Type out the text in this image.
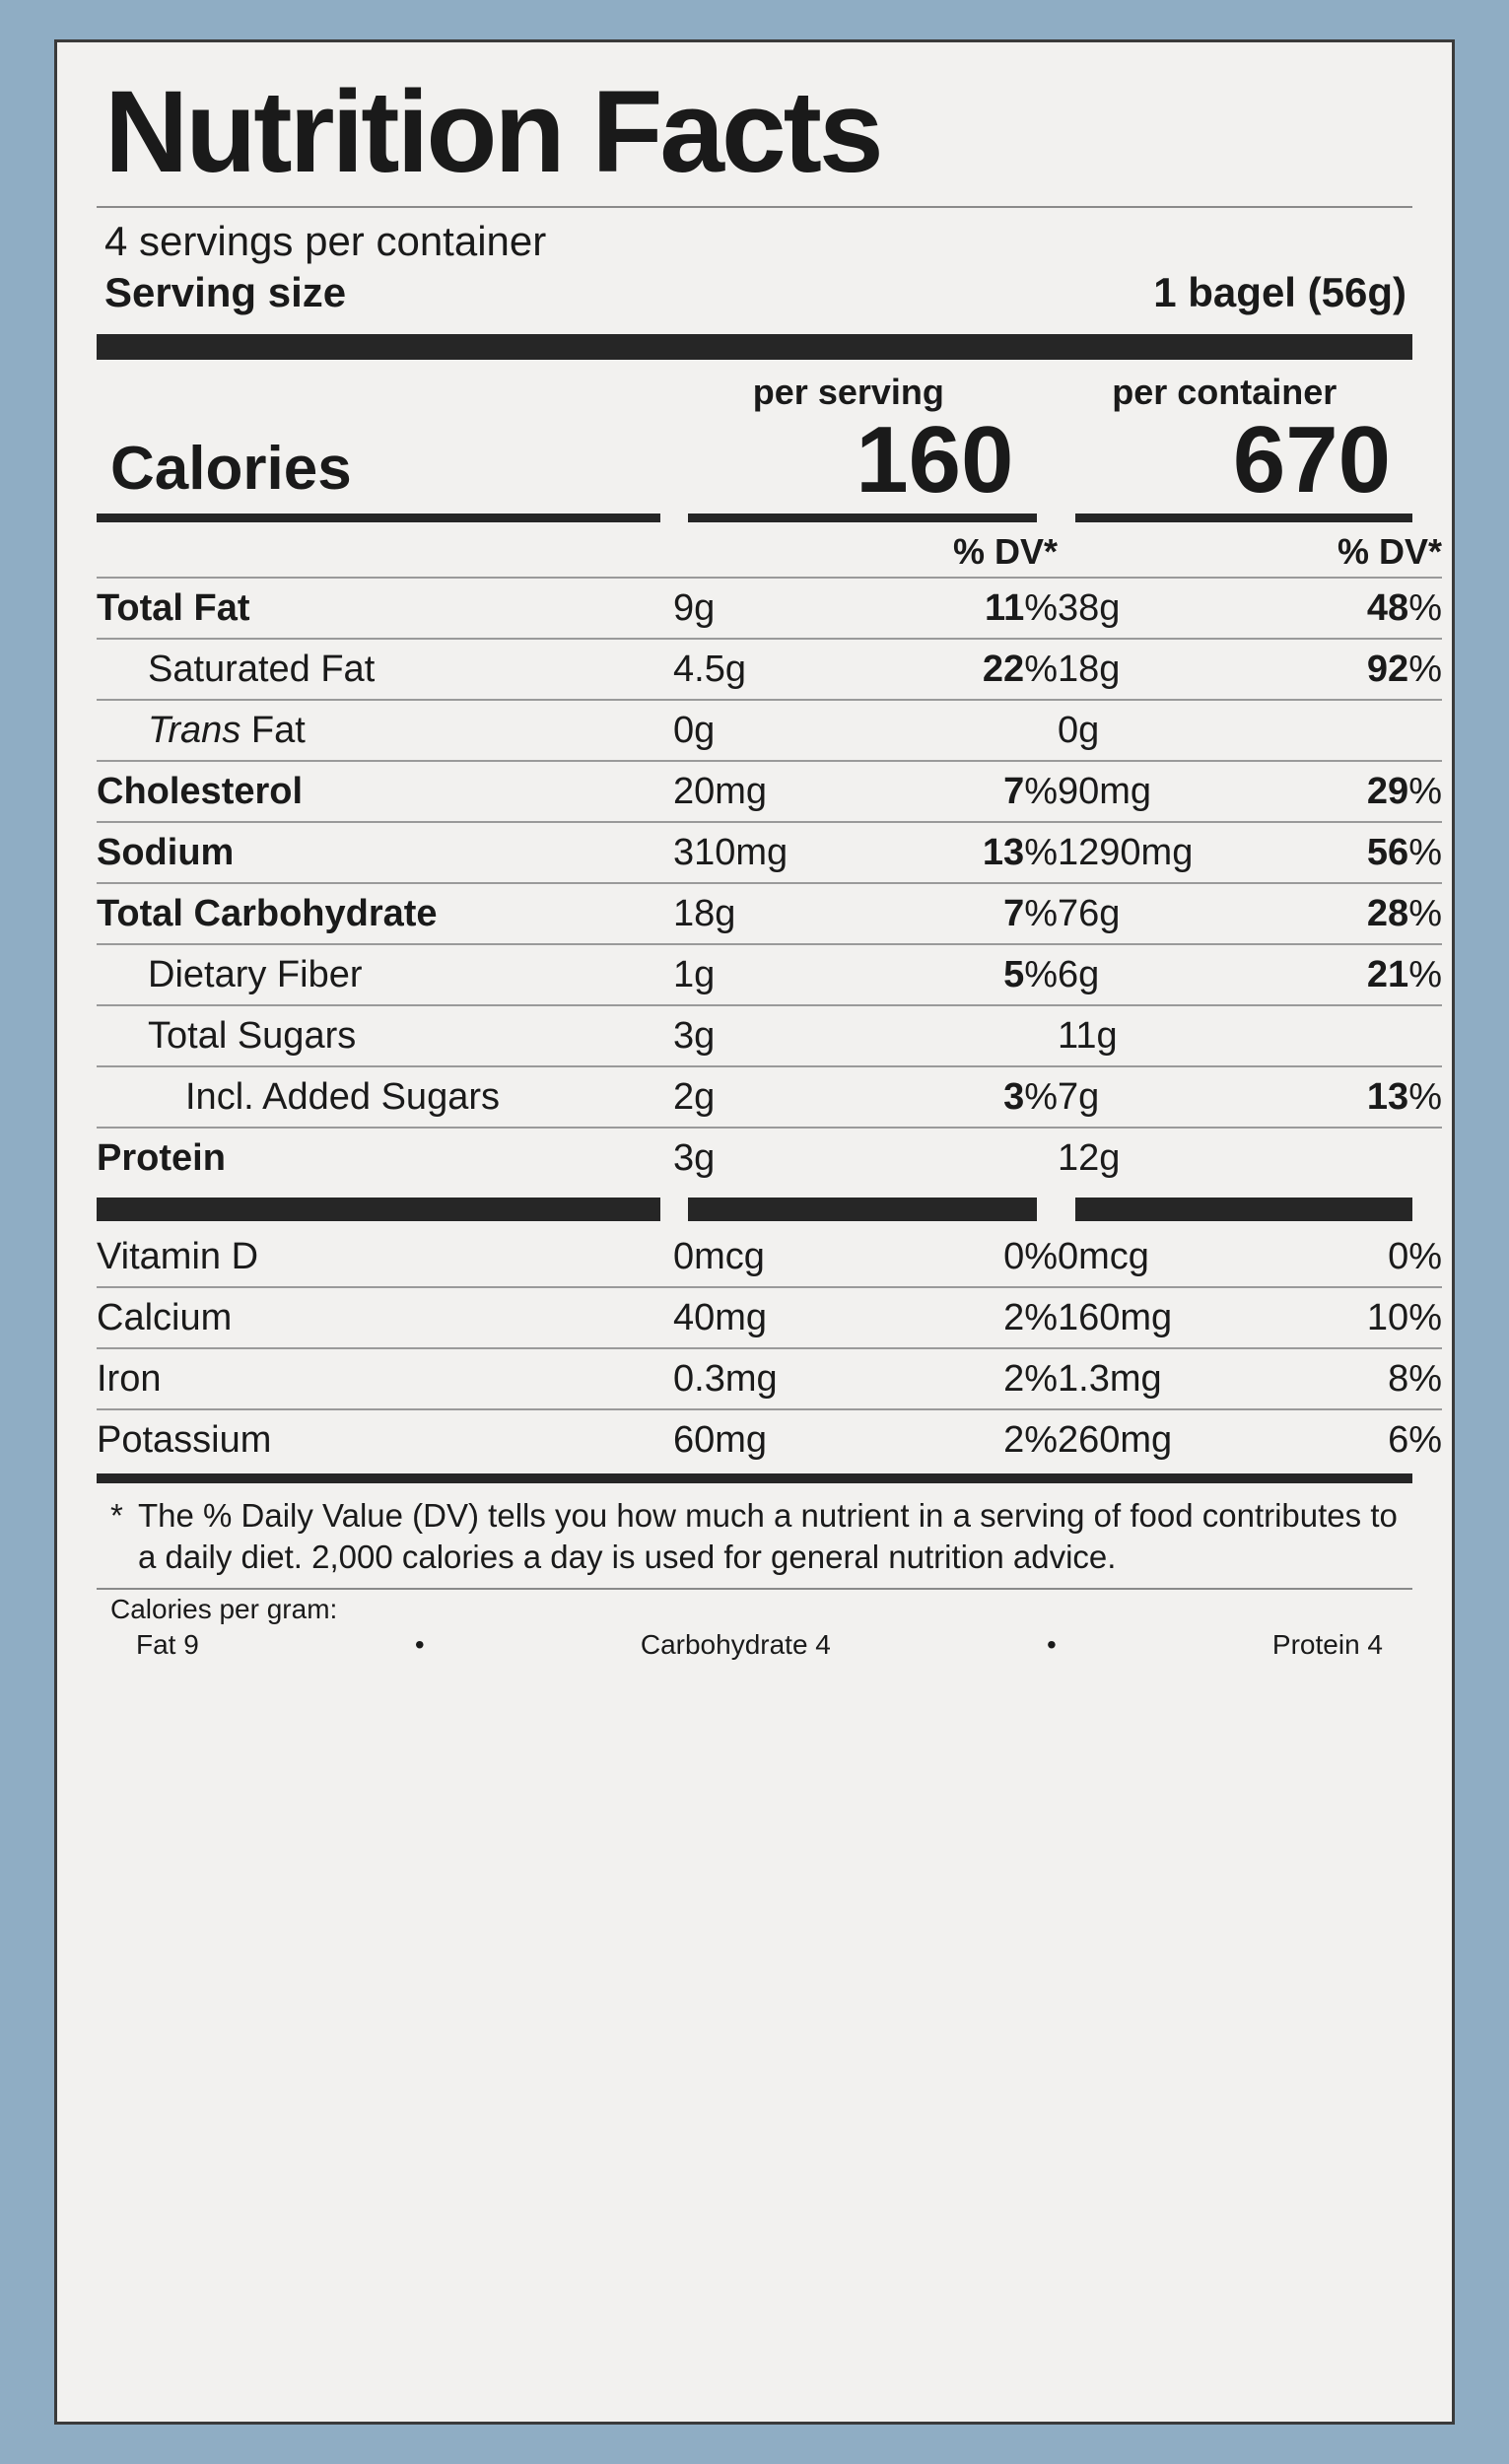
Nutrition Facts
4 servings per container
Serving size	1 bagel (56g)
per serving	per container
Calories	160	670
		% DV*		% DV*
Total Fat	9g	11%	38g	48%
Saturated Fat	4.5g	22%	18g	92%
Trans Fat	0g		0g	
Cholesterol	20mg	7%	90mg	29%
Sodium	310mg	13%	1290mg	56%
Total Carbohydrate	18g	7%	76g	28%
Dietary Fiber	1g	5%	6g	21%
Total Sugars	3g		11g	
Incl. Added Sugars	2g	3%	7g	13%
Protein	3g		12g	
Vitamin D	0mcg	0%	0mcg	0%
Calcium	40mg	2%	160mg	10%
Iron	0.3mg	2%	1.3mg	8%
Potassium	60mg	2%	260mg	6%
* The % Daily Value (DV) tells you how much a nutrient in a serving of food contributes to a daily diet. 2,000 calories a day is used for general nutrition advice.
Calories per gram:
Fat 9	•	Carbohydrate 4	•	Protein 4
